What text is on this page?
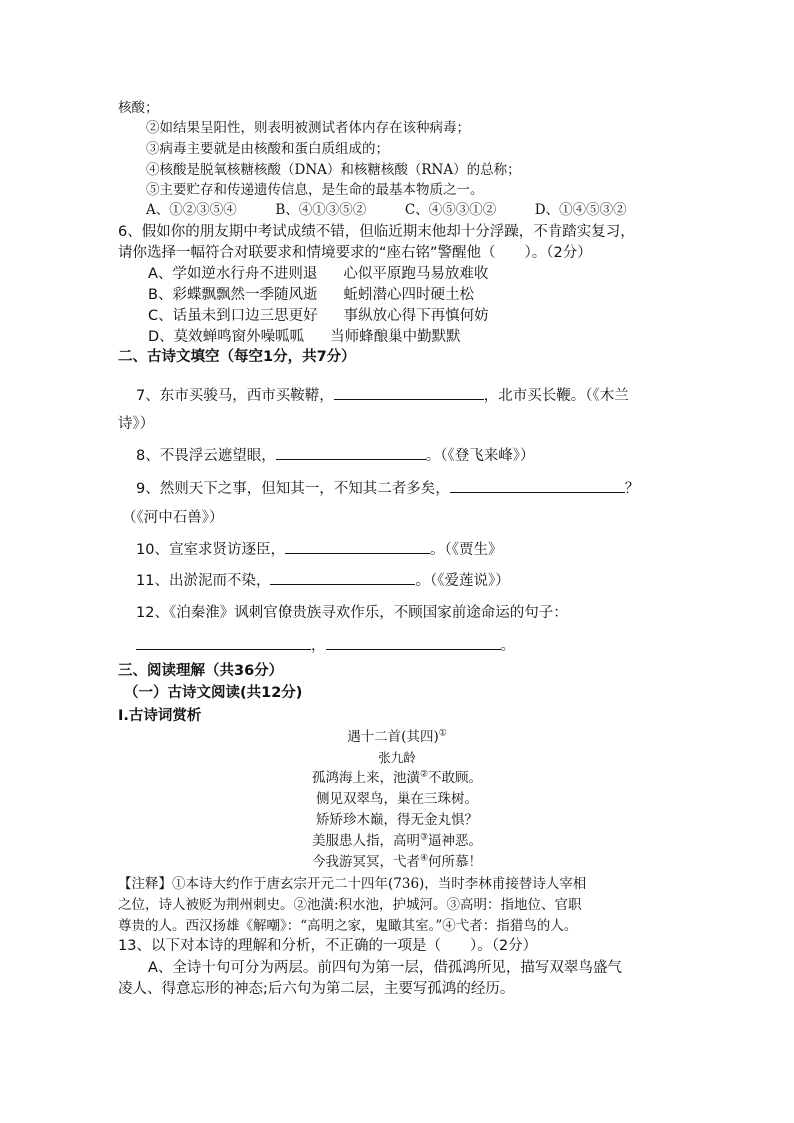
核酸；
②如结果呈阳性，则表明被测试者体内存在该种病毒；
③病毒主要就是由核酸和蛋白质组成的；
④核酸是脱氧核糖核酸（DNA）和核糖核酸（RNA）的总称；
⑤主要贮存和传递遗传信息，是生命的最基本物质之一。
A、①②③⑤④	B、④①③⑤②	C、④⑤③①②	D、①④⑤③②
6、假如你的朋友期中考试成绩不错，但临近期末他却十分浮躁，不肯踏实复习，
请你选择一幅符合对联要求和情境要求的“座右铭”警醒他（　　）。（2分）
A、学如逆水行舟不进则退 心似平原跑马易放难收
B、彩蝶飘飘然一季随风逝 蚯蚓潜心四时硬土松
C、话虽未到口边三思更好 事纵放心得下再慎何妨
D、莫效蝉鸣窗外噪呱呱 当师蜂酿巢中勤默默
二、古诗文填空（每空1分，共7分）
7、东市买骏马，西市买鞍鞯，	，北市买长鞭。（《木兰
诗》）
8、不畏浮云遮望眼，	。（《登飞来峰》）
9、然则天下之事，但知其一，不知其二者多矣，	？
（《河中石兽》）
10、宣室求贤访逐臣，	。（《贾生》
11、出淤泥而不染，	。（《爱莲说》）
12、《泊秦淮》讽刺官僚贵族寻欢作乐，不顾国家前途命运的句子：
，	。
三、阅读理解（共36分）
（一）古诗文阅读(共12分)
Ⅰ.古诗词赏析
遇十二首(其四)①
张九龄
孤鸿海上来，池潢②不敢顾。
侧见双翠鸟，巢在三珠树。
矫矫珍木巅，得无金丸惧？
美服患人指，高明③逼神恶。
今我游冥冥，弋者④何所慕！
【注释】①本诗大约作于唐玄宗开元二十四年(736)，当时李林甫接替诗人宰相
之位，诗人被贬为荆州刺史。②池潢:积水池，护城河。③高明：指地位、官职
尊贵的人。西汉扬雄《解嘲》：“高明之家，鬼瞰其室。”④弋者：指猎鸟的人。
13、以下对本诗的理解和分析，不正确的一项是（　　）。（2分）
A、全诗十句可分为两层。前四句为第一层，借孤鸿所见，描写双翠鸟盛气
凌人、得意忘形的神态;后六句为第二层，主要写孤鸿的经历。
